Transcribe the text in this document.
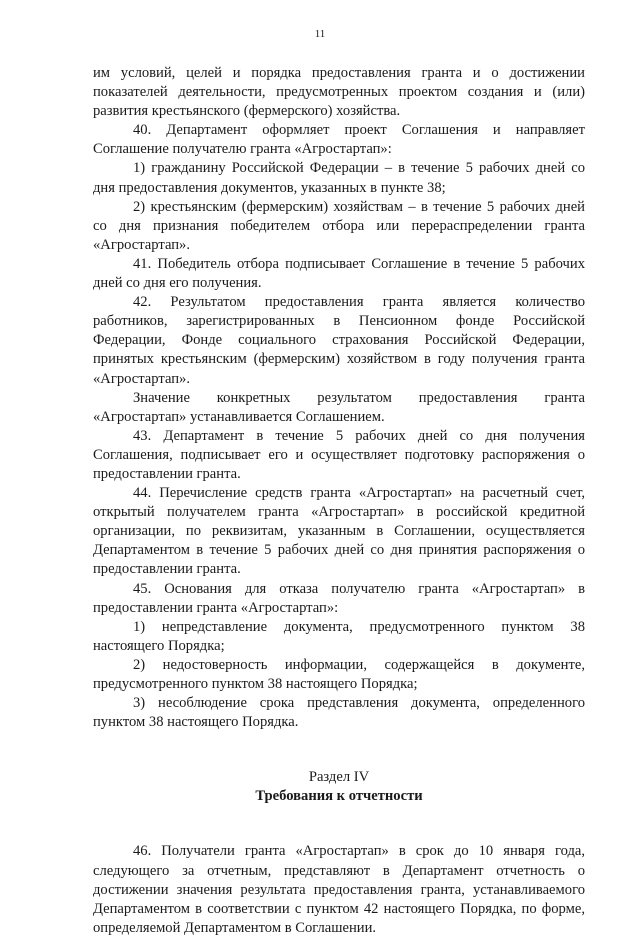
11

им условий, целей и порядка предоставления гранта и о достижении показателей деятельности, предусмотренных проектом создания и (или) развития крестьянского (фермерского) хозяйства.

40. Департамент оформляет проект Соглашения и направляет Соглашение получателю гранта «Агростартап»:

1) гражданину Российской Федерации – в течение 5 рабочих дней со дня предоставления документов, указанных в пункте 38;

2) крестьянским (фермерским) хозяйствам – в течение 5 рабочих дней со дня признания победителем отбора или перераспределении гранта «Агростартап».

41. Победитель отбора подписывает Соглашение в течение 5 рабочих дней со дня его получения.

42. Результатом предоставления гранта является количество работников, зарегистрированных в Пенсионном фонде Российской Федерации, Фонде социального страхования Российской Федерации, принятых крестьянским (фермерским) хозяйством в году получения гранта «Агростартап».

Значение конкретных результатом предоставления гранта «Агростартап» устанавливается Соглашением.

43. Департамент в течение 5 рабочих дней со дня получения Соглашения, подписывает его и осуществляет подготовку распоряжения о предоставлении гранта.

44. Перечисление средств гранта «Агростартап» на расчетный счет, открытый получателем гранта «Агростартап» в российской кредитной организации, по реквизитам, указанным в Соглашении, осуществляется Департаментом в течение 5 рабочих дней со дня принятия распоряжения о предоставлении гранта.

45. Основания для отказа получателю гранта «Агростартап» в предоставлении гранта «Агростартап»:

1) непредставление документа, предусмотренного пунктом 38 настоящего Порядка;

2) недостоверность информации, содержащейся в документе, предусмотренного пунктом 38 настоящего Порядка;

3) несоблюдение срока представления документа, определенного пунктом 38 настоящего Порядка.

Раздел IV
Требования к отчетности

46. Получатели гранта «Агростартап» в срок до 10 января года, следующего за отчетным, представляют в Департамент отчетность о достижении значения результата предоставления гранта, устанавливаемого Департаментом в соответствии с пунктом 42 настоящего Порядка, по форме, определяемой Департаментом в Соглашении.
